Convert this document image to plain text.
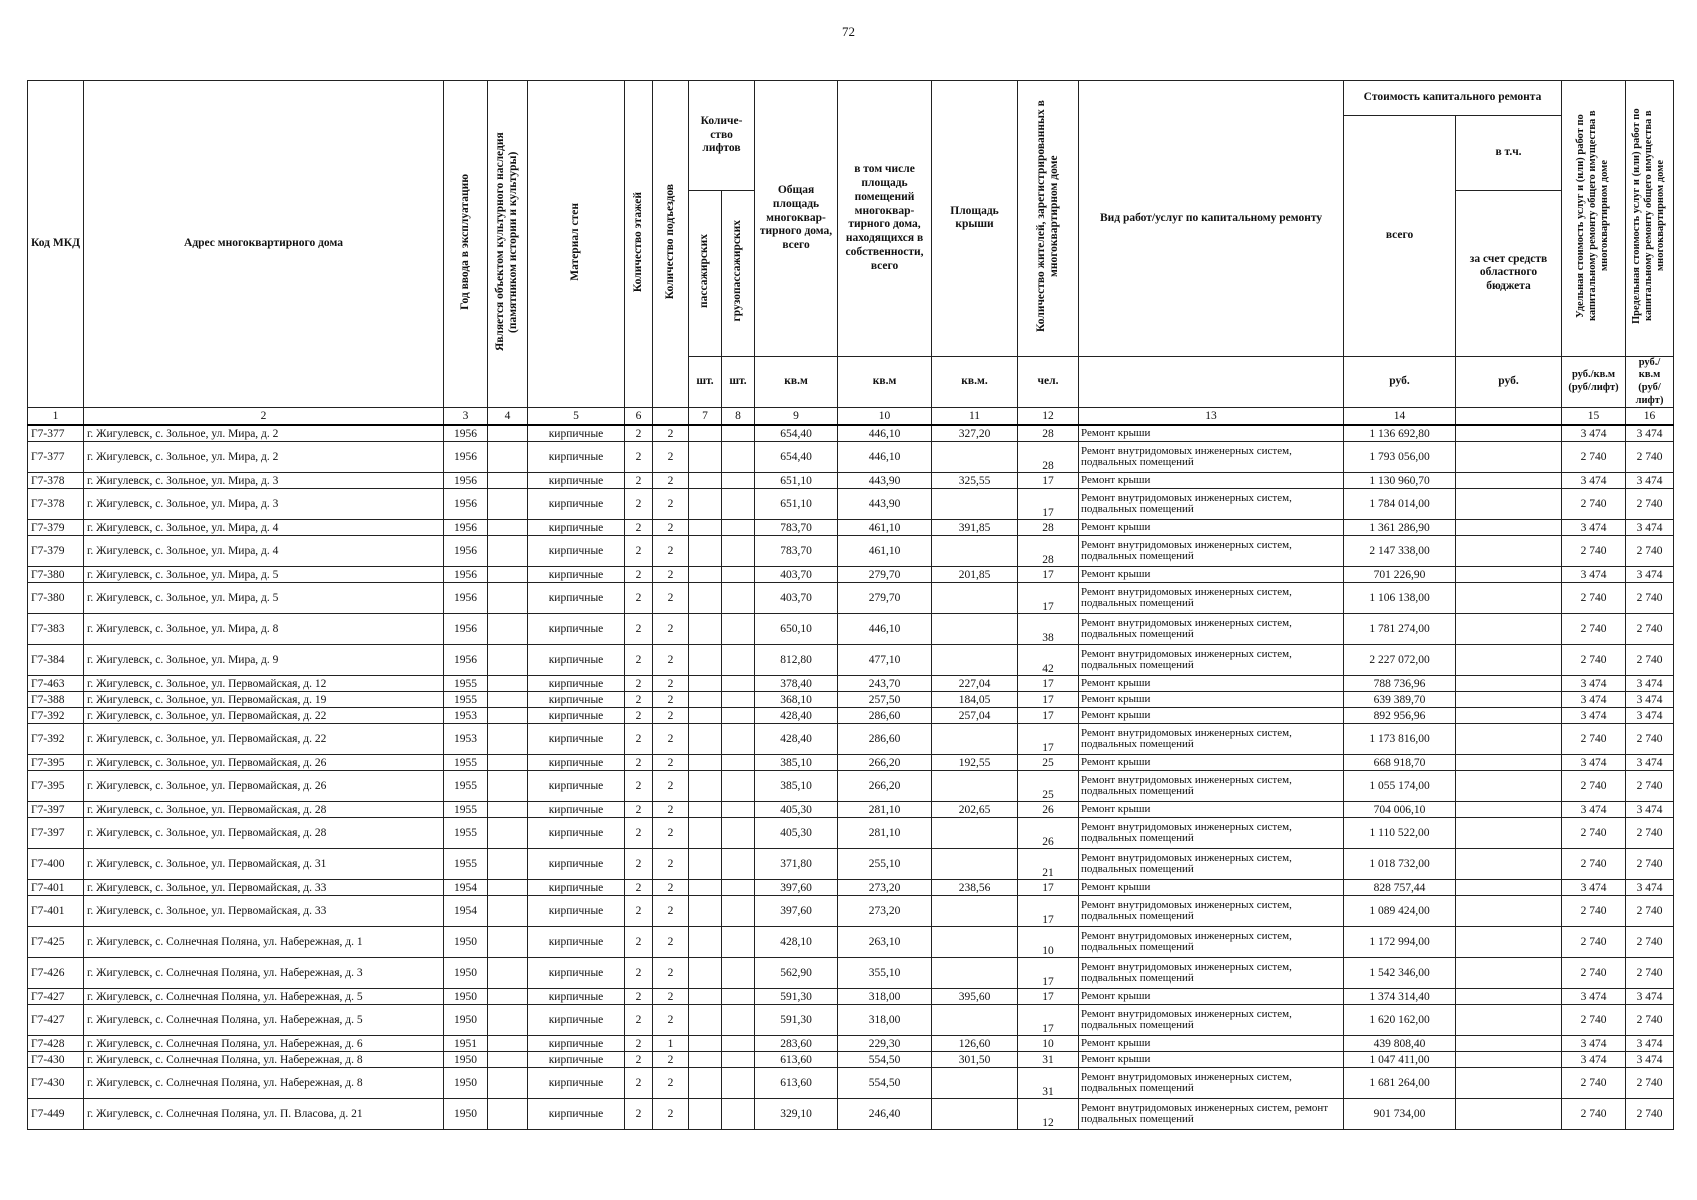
72
Код МКД	Адрес многоквартирного дома	Год ввода в эксплуатацию	Является объектом культурного наследия (памятником истории и культуры)	Материал стен	Количество этажей	Количество подъездов	Количе-ство лифтов		Общая площадь многоквар-тирного дома, всего	в том числе площадь помещений многоквар-тирного дома, находящихся в собственности, всего	Площадь крыши	Количество жителей, зарегистрированных в многоквартирном доме	Вид работ/услуг по капитальному ремонту	Стоимость капитального ремонта		Удельная стоимость услуг и (или) работ по капитальному ремонту общего имущества в многоквартирном доме	Предельная стоимость услуг и (или) работ по капитальному ремонту общего имущества в многоквартирном доме
														всего	в т.ч.		
							пассажирских	грузопассажирских							за счет средств областного бюджета		
							шт.	шт.	кв.м	кв.м	кв.м.	чел.		руб.	руб.	руб./кв.м (руб/лифт)	руб./кв.м (руб/лифт)
1	2	3	4	5	6		7	8	9	10	11	12	13	14		15	16
Г7-377	г. Жигулевск, с. Зольное, ул. Мира, д. 2	1956		кирпичные	2	2			654,40	446,10	327,20	28	Ремонт крыши	1 136 692,80		3 474	3 474
Г7-377	г. Жигулевск, с. Зольное, ул. Мира, д. 2	1956		кирпичные	2	2			654,40	446,10		28	Ремонт внутридомовых инженерных систем, подвальных помещений	1 793 056,00		2 740	2 740
Г7-378	г. Жигулевск, с. Зольное, ул. Мира, д. 3	1956		кирпичные	2	2			651,10	443,90	325,55	17	Ремонт крыши	1 130 960,70		3 474	3 474
Г7-378	г. Жигулевск, с. Зольное, ул. Мира, д. 3	1956		кирпичные	2	2			651,10	443,90		17	Ремонт внутридомовых инженерных систем, подвальных помещений	1 784 014,00		2 740	2 740
Г7-379	г. Жигулевск, с. Зольное, ул. Мира, д. 4	1956		кирпичные	2	2			783,70	461,10	391,85	28	Ремонт крыши	1 361 286,90		3 474	3 474
Г7-379	г. Жигулевск, с. Зольное, ул. Мира, д. 4	1956		кирпичные	2	2			783,70	461,10		28	Ремонт внутридомовых инженерных систем, подвальных помещений	2 147 338,00		2 740	2 740
Г7-380	г. Жигулевск, с. Зольное, ул. Мира, д. 5	1956		кирпичные	2	2			403,70	279,70	201,85	17	Ремонт крыши	701 226,90		3 474	3 474
Г7-380	г. Жигулевск, с. Зольное, ул. Мира, д. 5	1956		кирпичные	2	2			403,70	279,70		17	Ремонт внутридомовых инженерных систем, подвальных помещений	1 106 138,00		2 740	2 740
Г7-383	г. Жигулевск, с. Зольное, ул. Мира, д. 8	1956		кирпичные	2	2			650,10	446,10		38	Ремонт внутридомовых инженерных систем, подвальных помещений	1 781 274,00		2 740	2 740
Г7-384	г. Жигулевск, с. Зольное, ул. Мира, д. 9	1956		кирпичные	2	2			812,80	477,10		42	Ремонт внутридомовых инженерных систем, подвальных помещений	2 227 072,00		2 740	2 740
Г7-463	г. Жигулевск, с. Зольное, ул. Первомайская, д. 12	1955		кирпичные	2	2			378,40	243,70	227,04	17	Ремонт крыши	788 736,96		3 474	3 474
Г7-388	г. Жигулевск, с. Зольное, ул. Первомайская, д. 19	1955		кирпичные	2	2			368,10	257,50	184,05	17	Ремонт крыши	639 389,70		3 474	3 474
Г7-392	г. Жигулевск, с. Зольное, ул. Первомайская, д. 22	1953		кирпичные	2	2			428,40	286,60	257,04	17	Ремонт крыши	892 956,96		3 474	3 474
Г7-392	г. Жигулевск, с. Зольное, ул. Первомайская, д. 22	1953		кирпичные	2	2			428,40	286,60		17	Ремонт внутридомовых инженерных систем, подвальных помещений	1 173 816,00		2 740	2 740
Г7-395	г. Жигулевск, с. Зольное, ул. Первомайская, д. 26	1955		кирпичные	2	2			385,10	266,20	192,55	25	Ремонт крыши	668 918,70		3 474	3 474
Г7-395	г. Жигулевск, с. Зольное, ул. Первомайская, д. 26	1955		кирпичные	2	2			385,10	266,20		25	Ремонт внутридомовых инженерных систем, подвальных помещений	1 055 174,00		2 740	2 740
Г7-397	г. Жигулевск, с. Зольное, ул. Первомайская, д. 28	1955		кирпичные	2	2			405,30	281,10	202,65	26	Ремонт крыши	704 006,10		3 474	3 474
Г7-397	г. Жигулевск, с. Зольное, ул. Первомайская, д. 28	1955		кирпичные	2	2			405,30	281,10		26	Ремонт внутридомовых инженерных систем, подвальных помещений	1 110 522,00		2 740	2 740
Г7-400	г. Жигулевск, с. Зольное, ул. Первомайская, д. 31	1955		кирпичные	2	2			371,80	255,10		21	Ремонт внутридомовых инженерных систем, подвальных помещений	1 018 732,00		2 740	2 740
Г7-401	г. Жигулевск, с. Зольное, ул. Первомайская, д. 33	1954		кирпичные	2	2			397,60	273,20	238,56	17	Ремонт крыши	828 757,44		3 474	3 474
Г7-401	г. Жигулевск, с. Зольное, ул. Первомайская, д. 33	1954		кирпичные	2	2			397,60	273,20		17	Ремонт внутридомовых инженерных систем, подвальных помещений	1 089 424,00		2 740	2 740
Г7-425	г. Жигулевск, с. Солнечная Поляна, ул. Набережная, д. 1	1950		кирпичные	2	2			428,10	263,10		10	Ремонт внутридомовых инженерных систем, подвальных помещений	1 172 994,00		2 740	2 740
Г7-426	г. Жигулевск, с. Солнечная Поляна, ул. Набережная, д. 3	1950		кирпичные	2	2			562,90	355,10		17	Ремонт внутридомовых инженерных систем, подвальных помещений	1 542 346,00		2 740	2 740
Г7-427	г. Жигулевск, с. Солнечная Поляна, ул. Набережная, д. 5	1950		кирпичные	2	2			591,30	318,00	395,60	17	Ремонт крыши	1 374 314,40		3 474	3 474
Г7-427	г. Жигулевск, с. Солнечная Поляна, ул. Набережная, д. 5	1950		кирпичные	2	2			591,30	318,00		17	Ремонт внутридомовых инженерных систем, подвальных помещений	1 620 162,00		2 740	2 740
Г7-428	г. Жигулевск, с. Солнечная Поляна, ул. Набережная, д. 6	1951		кирпичные	2	1			283,60	229,30	126,60	10	Ремонт крыши	439 808,40		3 474	3 474
Г7-430	г. Жигулевск, с. Солнечная Поляна, ул. Набережная, д. 8	1950		кирпичные	2	2			613,60	554,50	301,50	31	Ремонт крыши	1 047 411,00		3 474	3 474
Г7-430	г. Жигулевск, с. Солнечная Поляна, ул. Набережная, д. 8	1950		кирпичные	2	2			613,60	554,50		31	Ремонт внутридомовых инженерных систем, подвальных помещений	1 681 264,00		2 740	2 740
Г7-449	г. Жигулевск, с. Солнечная Поляна, ул. П. Власова, д. 21	1950		кирпичные	2	2			329,10	246,40		12	Ремонт внутридомовых инженерных систем, ремонт подвальных помещений	901 734,00		2 740	2 740
